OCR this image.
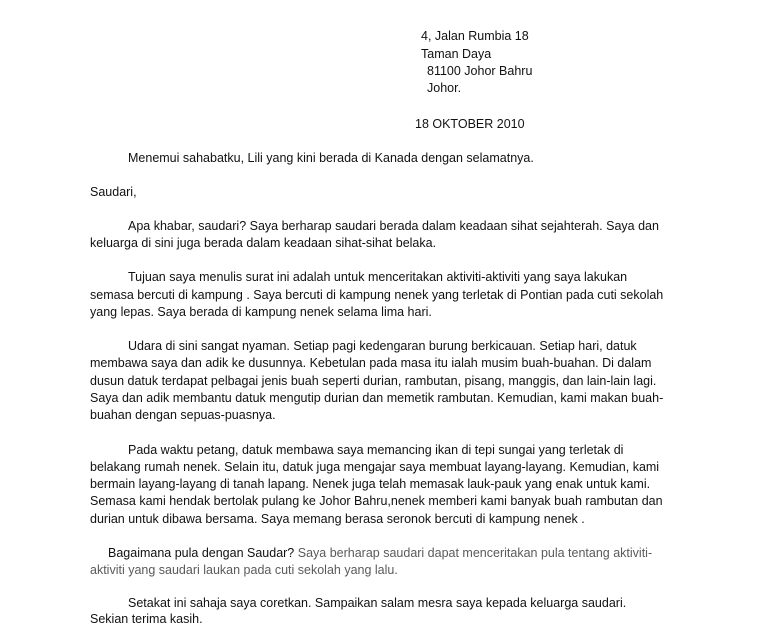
4, Jalan Rumbia 18
Taman Daya
81100 Johor Bahru
Johor.
18 OKTOBER 2010
Menemui sahabatku, Lili yang kini berada di Kanada dengan selamatnya.
Saudari,
Apa khabar, saudari? Saya berharap saudari berada dalam keadaan sihat sejahterah. Saya dan
keluarga di sini juga berada dalam keadaan sihat-sihat belaka.
Tujuan saya menulis surat ini adalah untuk menceritakan aktiviti-aktiviti yang saya lakukan
semasa bercuti di kampung . Saya bercuti di kampung nenek yang terletak di Pontian pada cuti sekolah
yang lepas. Saya berada di kampung nenek selama lima hari.
Udara di sini sangat nyaman. Setiap pagi kedengaran burung berkicauan. Setiap hari, datuk
membawa saya dan adik ke dusunnya. Kebetulan pada masa itu ialah musim buah-buahan. Di dalam
dusun datuk terdapat pelbagai jenis buah seperti durian, rambutan, pisang, manggis, dan lain-lain lagi.
Saya dan adik membantu datuk mengutip durian dan memetik rambutan. Kemudian, kami makan buah-
buahan dengan sepuas-puasnya.
Pada waktu petang, datuk membawa saya memancing ikan di tepi sungai yang terletak di
belakang rumah nenek. Selain itu, datuk juga mengajar saya membuat layang-layang. Kemudian, kami
bermain layang-layang di tanah lapang. Nenek juga telah memasak lauk-pauk yang enak untuk kami.
Semasa kami hendak bertolak pulang ke Johor Bahru,nenek memberi kami banyak buah rambutan dan
durian untuk dibawa bersama. Saya memang berasa seronok bercuti di kampung nenek .
Bagaimana pula dengan Saudar? Saya berharap saudari dapat menceritakan pula tentang aktiviti-
aktiviti yang saudari laukan pada cuti sekolah yang lalu.
Setakat ini sahaja saya coretkan. Sampaikan salam mesra saya kepada keluarga saudari.
Sekian terima kasih.
